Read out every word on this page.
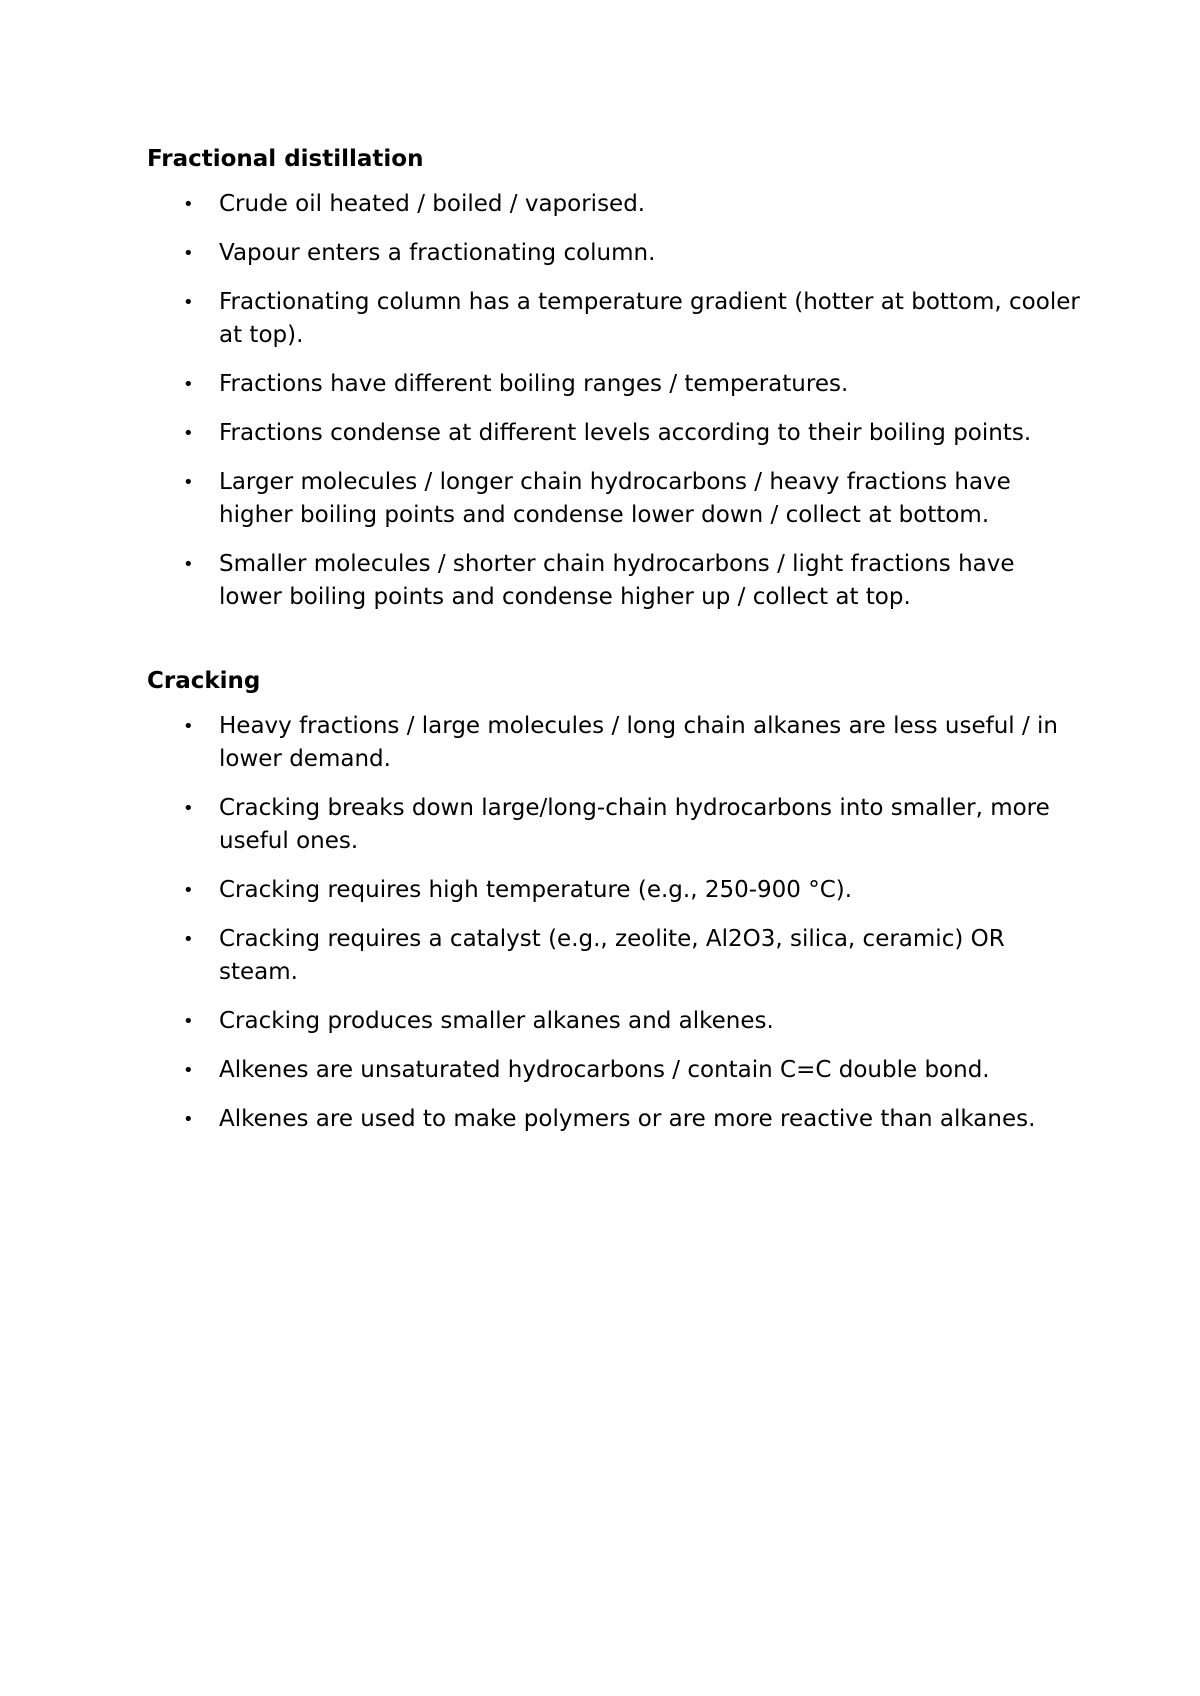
Fractional distillation
•	Crude oil heated / boiled / vaporised.
•	Vapour enters a fractionating column.
•	Fractionating column has a temperature gradient (hotter at bottom, cooler at top).
•	Fractions have different boiling ranges / temperatures.
•	Fractions condense at different levels according to their boiling points.
•	Larger molecules / longer chain hydrocarbons / heavy fractions have higher boiling points and condense lower down / collect at bottom.
•	Smaller molecules / shorter chain hydrocarbons / light fractions have lower boiling points and condense higher up / collect at top.
Cracking
•	Heavy fractions / large molecules / long chain alkanes are less useful / in lower demand.
•	Cracking breaks down large/long-chain hydrocarbons into smaller, more useful ones.
•	Cracking requires high temperature (e.g., 250-900 °C).
•	Cracking requires a catalyst (e.g., zeolite, Al2O3, silica, ceramic) OR steam.
•	Cracking produces smaller alkanes and alkenes.
•	Alkenes are unsaturated hydrocarbons / contain C=C double bond.
•	Alkenes are used to make polymers or are more reactive than alkanes.
